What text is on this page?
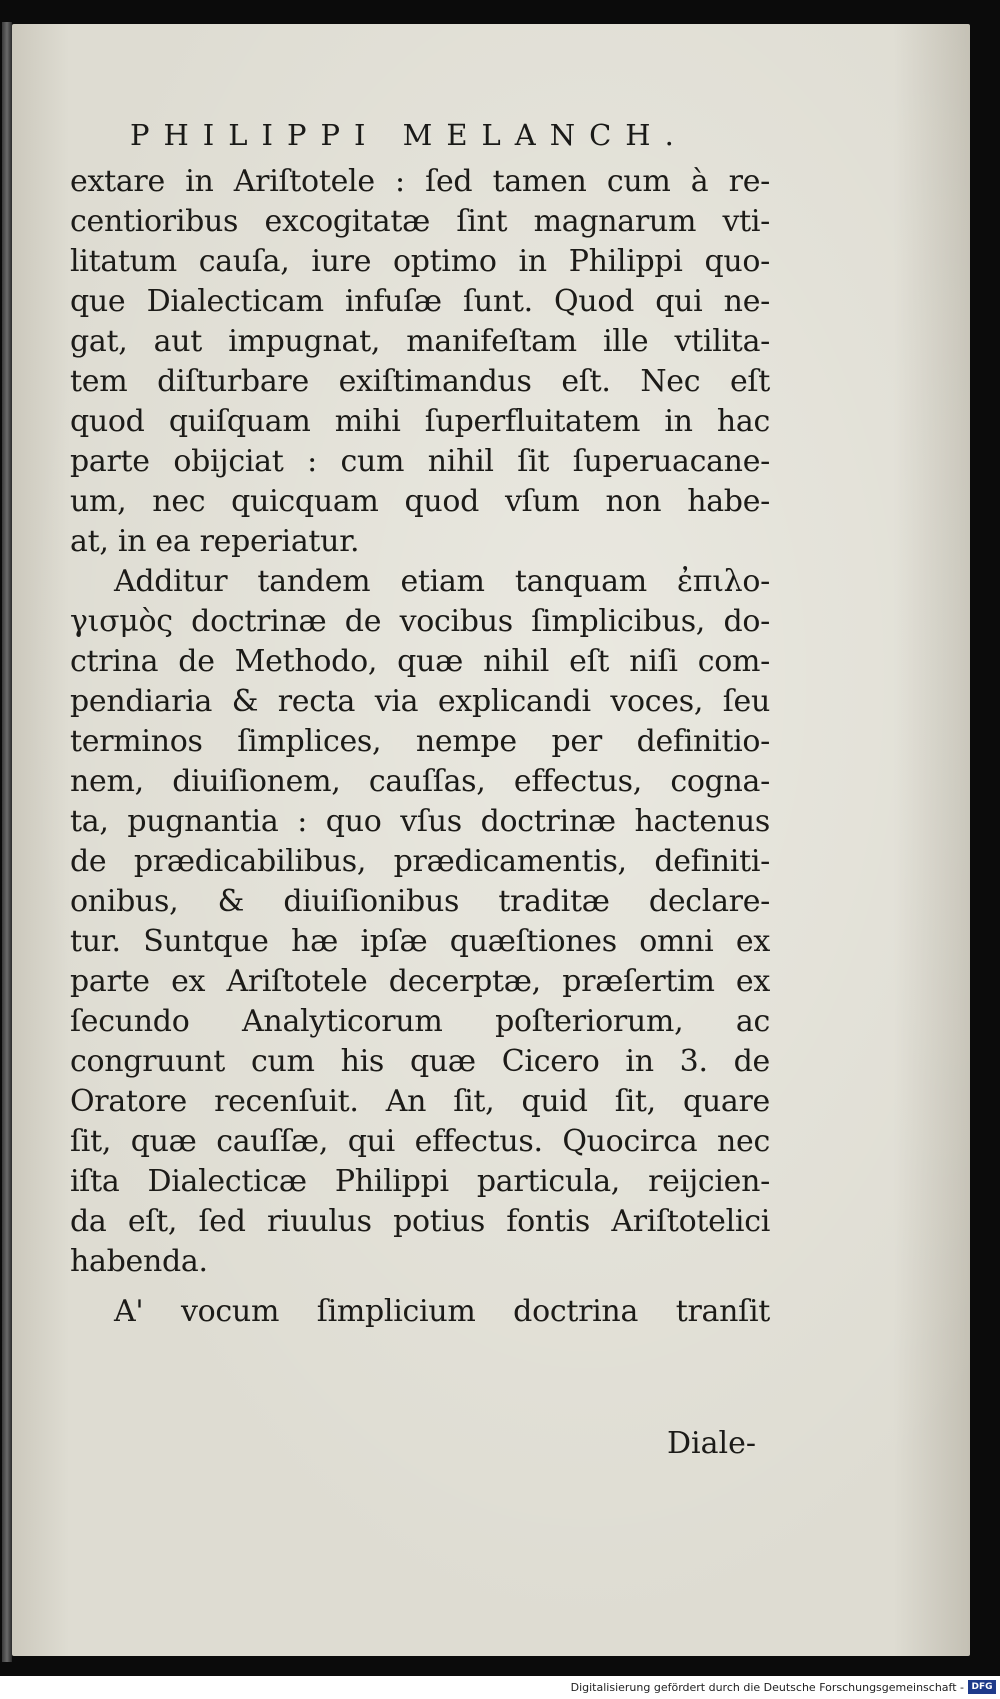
PHILIPPI MELANCH.
extare in Ariſtotele : ſed tamen cum à re-
centioribus excogitatæ ſint magnarum vti-
litatum cauſa, iure optimo in Philippi quo-
que Dialecticam infuſæ ſunt. Quod qui ne-
gat, aut impugnat, manifeſtam ille vtilita-
tem diſturbare exiſtimandus eſt. Nec eſt
quod quiſquam mihi ſuperfluitatem in hac
parte obijciat : cum nihil ſit ſuperuacane-
um, nec quicquam quod vſum non habe-
at, in ea reperiatur.
Additur tandem etiam tanquam ἐπιλο-
γισμὸς doctrinæ de vocibus ſimplicibus, do-
ctrina de Methodo, quæ nihil eſt niſi com-
pendiaria & recta via explicandi voces, ſeu
terminos ſimplices, nempe per definitio-
nem, diuiſionem, cauſſas, effectus, cogna-
ta, pugnantia : quo vſus doctrinæ hactenus
de prædicabilibus, prædicamentis, definiti-
onibus, & diuiſionibus traditæ declare-
tur. Suntque hæ ipſæ quæſtiones omni ex
parte ex Ariſtotele decerptæ, præſertim ex
ſecundo Analyticorum poſteriorum, ac
congruunt cum his quæ Cicero in 3. de
Oratore recenſuit. An ſit, quid ſit, quare
ſit, quæ cauſſæ, qui effectus. Quocirca nec
iſta Dialecticæ Philippi particula, reijcien-
da eſt, ſed riuulus potius fontis Ariſtotelici
habenda.
A' vocum ſimplicium doctrina tranſit
Diale-
Digitalisierung gefördert durch die Deutsche Forschungsgemeinschaft - DFG
